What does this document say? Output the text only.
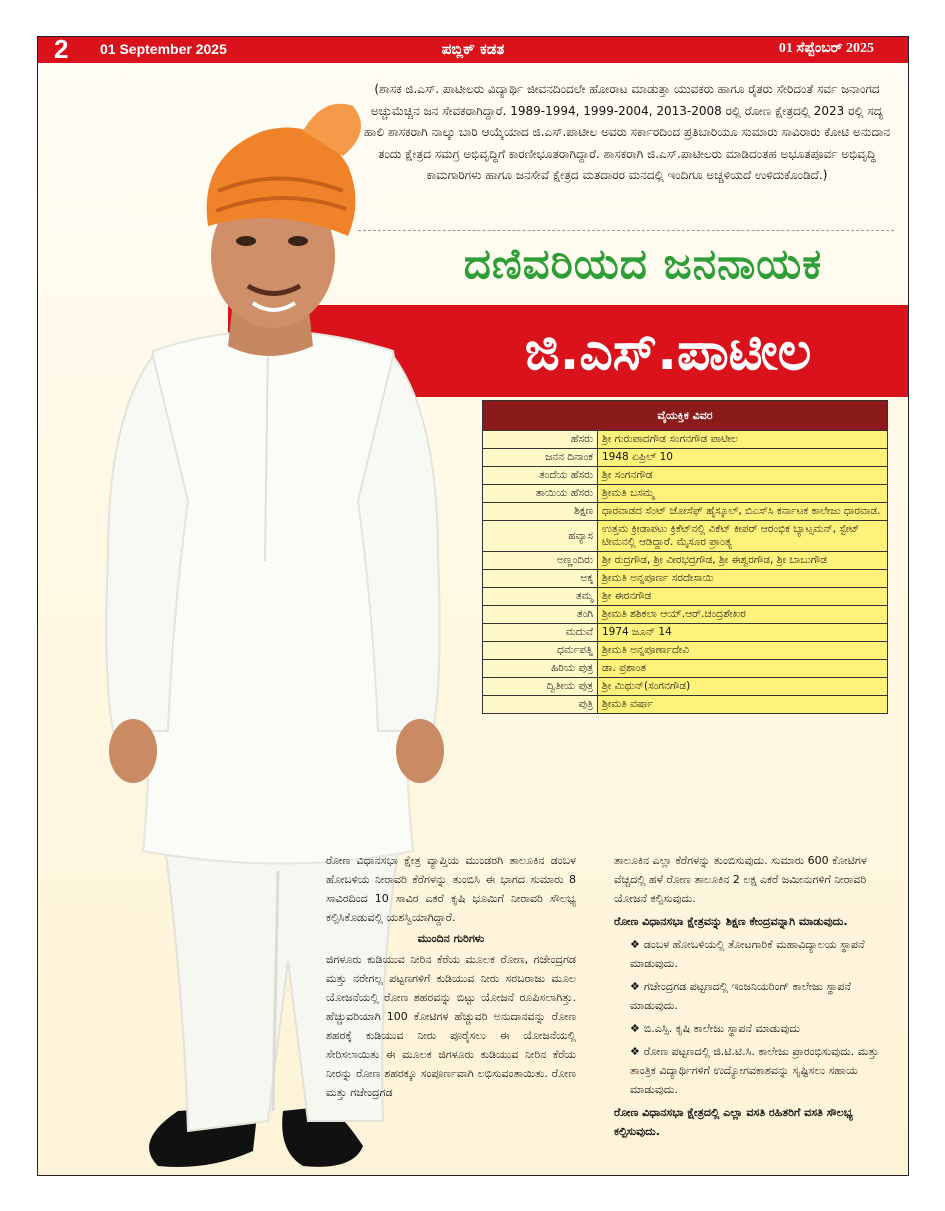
2 01 September 2025	ಪಬ್ಲಿಕ್ ಕಡತ	01 ಸೆಪ್ಟೆಂಬರ್ 2025
(ಶಾಸಕ ಜಿ.ಎಸ್. ಪಾಟೀಲರು ವಿದ್ಯಾರ್ಥಿ ಜೀವನದಿಂದಲೇ ಹೋರಾಟ ಮಾಡುತ್ತಾ ಯುವಕರು ಹಾಗೂ ರೈತರು ಸೇರಿದಂತೆ ಸರ್ವ ಜನಾಂಗದ ಅಚ್ಚುಮೆಚ್ಚಿನ ಜನ ಸೇವಕರಾಗಿದ್ದಾರೆ. 1989-1994, 1999-2004, 2013-2008 ರಲ್ಲಿ ರೋಣ ಕ್ಷೇತ್ರದಲ್ಲಿ 2023 ರಲ್ಲಿ ಸದ್ಯ ಹಾಲಿ ಶಾಸಕರಾಗಿ ನಾಲ್ಕು ಬಾರಿ ಆಯ್ಕೆಯಾದ ಜಿ.ಎಸ್.ಪಾಟೀಲ ಅವರು ಸರ್ಕಾರದಿಂದ ಪ್ರತಿಬಾರಿಯೂ ಸುಮಾರು ಸಾವಿರಾರು ಕೋಟಿ ಅನುದಾನ ತಂದು ಕ್ಷೇತ್ರದ ಸಮಗ್ರ ಅಭಿವೃದ್ಧಿಗೆ ಕಾರಣೀಭೂತರಾಗಿದ್ದಾರೆ. ಶಾಸಕರಾಗಿ ಜಿ.ಎಸ್.ಪಾಟೀಲರು ಮಾಡಿದಂತಹ ಅಭೂತಪೂರ್ವ ಅಭಿವೃದ್ಧಿ ಕಾಮಗಾರಿಗಳು ಹಾಗೂ ಜನಸೇವೆ ಕ್ಷೇತ್ರದ ಮತದಾರರ ಮನದಲ್ಲಿ ಇಂದಿಗೂ ಅಚ್ಚಳಿಯದೆ ಉಳಿದುಕೊಂಡಿದೆ.)
ದಣಿವರಿಯದ ಜನನಾಯಕ
ಜಿ.ಎಸ್.ಪಾಟೀಲ
ವೈಯಕ್ತಿಕ ವಿವರ	
ಹೆಸರು	ಶ್ರೀ ಗುರುಪಾದಗೌಡ ಸಂಗನಗೌಡ ಪಾಟೀಲ
ಜನನ ದಿನಾಂಕ	1948 ಏಪ್ರಿಲ್ 10
ತಂದೆಯ ಹೆಸರು	ಶ್ರೀ ಸಂಗನಗೌಡ
ತಾಯಿಯ ಹೆಸರು	ಶ್ರೀಮತಿ ಬಸಮ್ಮ
ಶಿಕ್ಷಣ	ಧಾರವಾಡದ ಸೆಂಟ್ ಜೋಸೆಫ್ ಹೈಸ್ಕೂಲ್, ಬಿಎಸ್‌ಸಿ ಕರ್ನಾಟಕ ಕಾಲೇಜು ಧಾರವಾಡ.
ಹವ್ಯಾಸ	ಉತ್ತಮ ಕ್ರೀಡಾಪಟು ಕ್ರಿಕೆಟ್‌ನಲ್ಲಿ ವಿಕೆಟ್ ಕೀಪರ್ ಆರಂಭಿಕ ಬ್ಯಾಟ್ಸಮನ್, ಸ್ಟೇಟ್ ಟೀಮನಲ್ಲಿ ಆಡಿದ್ದಾರೆ. ಮೈಸೂರ ಪ್ರಾಂತ್ಯ
ಅಣ್ಣಂದಿರು	ಶ್ರೀ ರುದ್ರಗೌಡ, ಶ್ರೀ ವೀರಭದ್ರಗೌಡ, ಶ್ರೀ ಈಶ್ವರಗೌಡ, ಶ್ರೀ ಬಾಬುಗೌಡ
ಅಕ್ಕ	ಶ್ರೀಮತಿ ಅನ್ನಪೂರ್ಣ ಸರದೇಸಾಯಿ
ತಮ್ಮ	ಶ್ರೀ ಈರನಗೌಡ
ತಂಗಿ	ಶ್ರೀಮತಿ ಶಶಿಕಲಾ ಆಯ್.ಆರ್.ಚಂದ್ರಶೇಖರ
ಮದುವೆ	1974 ಜೂನ್ 14
ಧರ್ಮಪತ್ನಿ	ಶ್ರೀಮತಿ ಅನ್ನಪೂರ್ಣಾದೇವಿ
ಹಿರಿಯ ಪುತ್ರ	ಡಾ. ಪ್ರಶಾಂತ
ದ್ವಿತೀಯ ಪುತ್ರ	ಶ್ರೀ ಮಿಥುನ್(ಸಂಗನಗೌಡ)
ಪುತ್ರಿ	ಶ್ರೀಮತಿ ವರ್ಷಾ

ರೋಣ ವಿಧಾನಸಭಾ ಕ್ಷೇತ್ರ ವ್ಯಾಪ್ತಿಯ ಮುಂಡರಗಿ ತಾಲೂಕಿನ ಡಂಬಳ ಹೋಬಳಿಯ ನೀರಾವರಿ ಕೆರೆಗಳನ್ನು ತುಂಬಿಸಿ ಈ ಭಾಗದ ಸುಮಾರು 8 ಸಾವಿರದಿಂದ 10 ಸಾವಿರ ಎಕರೆ ಕೃಷಿ ಭೂಮಿಗೆ ನೀರಾವರಿ ಸೌಲಭ್ಯ ಕಲ್ಪಿಸಿಕೊಡುವಲ್ಲಿ ಯಶಸ್ವಿಯಾಗಿದ್ದಾರೆ.

ಮುಂದಿನ ಗುರಿಗಳು

ಜಿಗಳೂರು ಕುಡಿಯುವ ನೀರಿನ ಕೆರೆಯ ಮೂಲಕ ರೋಣ, ಗಜೇಂದ್ರಗಡ ಮತ್ತು ನರೇಗಲ್ಲ ಪಟ್ಟಣಗಳಿಗೆ ಕುಡಿಯುವ ನೀರು ಸರಬರಾಜು ಮೂಲ ಯೋಜನೆಯಲ್ಲಿ ರೋಣ ಶಹರವನ್ನು ಬಿಟ್ಟು ಯೋಜನೆ ರೂಪಿಸಲಾಗಿತ್ತು. ಹೆಚ್ಚುವರಿಯಾಗಿ 100 ಕೋಟಿಗಳ ಹೆಚ್ಚುವರಿ ಅನುದಾನವನ್ನು ರೋಣ ಶಹರಕ್ಕೆ ಕುಡಿಯುವ ನೀರು ಪೂರೈಸಲು ಈ ಯೋಜನೆಯಲ್ಲಿ ಸೇರಿಸಲಾಯಿತು ಈ ಮೂಲಕ ಜಿಗಳೂರು ಕುಡಿಯುವ ನೀರಿನ ಕೆರೆಯ ನೀರನ್ನು ರೋಣ ಶಹರಕ್ಕೂ ಸಂಪೂರ್ಣವಾಗಿ ಲಭಿಸುವಂತಾಯಿತು. ರೋಣ ಮತ್ತು ಗಜೇಂದ್ರಗಡ

ತಾಲೂಕಿನ ಎಲ್ಲಾ ಕೆರೆಗಳನ್ನು ತುಂಬಿಸುವುದು. ಸುಮಾರು 600 ಕೋಟಿಗಳ ವೆಚ್ಚದಲ್ಲಿ ಹಳೆ ರೋಣ ತಾಲೂಕಿನ 2 ಲಕ್ಷ ಎಕರೆ ಜಮೀನುಗಳಿಗೆ ನೀರಾವರಿ ಯೋಜನೆ ಕಲ್ಪಿಸುವುದು.

ರೋಣ ವಿಧಾನಸಭಾ ಕ್ಷೇತ್ರವನ್ನು ಶಿಕ್ಷಣ ಕೇಂದ್ರವನ್ನಾಗಿ ಮಾಡುವುದು.

❖ ಡಂಬಳ ಹೋಬಳಿಯಲ್ಲಿ ತೋಟಗಾರಿಕೆ ಮಹಾವಿದ್ಯಾಲಯ ಸ್ಥಾಪನೆ ಮಾಡುವುದು.

❖ ಗಜೇಂದ್ರಗಡ ಪಟ್ಟಣದಲ್ಲಿ ಇಂಜನಿಯರಿಂಗ್ ಕಾಲೇಜು ಸ್ಥಾಪನೆ ಮಾಡುವುದು.

❖ ಬಿ.ಎಸ್ಸಿ. ಕೃಷಿ ಕಾಲೇಜು ಸ್ಥಾಪನೆ ಮಾಡುವುದು

❖ ರೋಣ ಪಟ್ಟಣದಲ್ಲಿ ಜಿ.ಟಿ.ಟಿ.ಸಿ. ಕಾಲೇಜು ಪ್ರಾರಂಭಿಸುವುದು. ಮತ್ತು ತಾಂತ್ರಿಕ ವಿದ್ಯಾರ್ಥಿಗಳಿಗೆ ಉದ್ಯೋಗವಕಾಶವನ್ನು ಸೃಷ್ಟಿಸಲು ಸಹಾಯ ಮಾಡುವುದು.

ರೋಣ ವಿಧಾನಸಭಾ ಕ್ಷೇತ್ರದಲ್ಲಿ ಎಲ್ಲಾ ವಸತಿ ರಹಿತರಿಗೆ ವಸತಿ ಸೌಲಭ್ಯ ಕಲ್ಪಿಸುವುದು.
